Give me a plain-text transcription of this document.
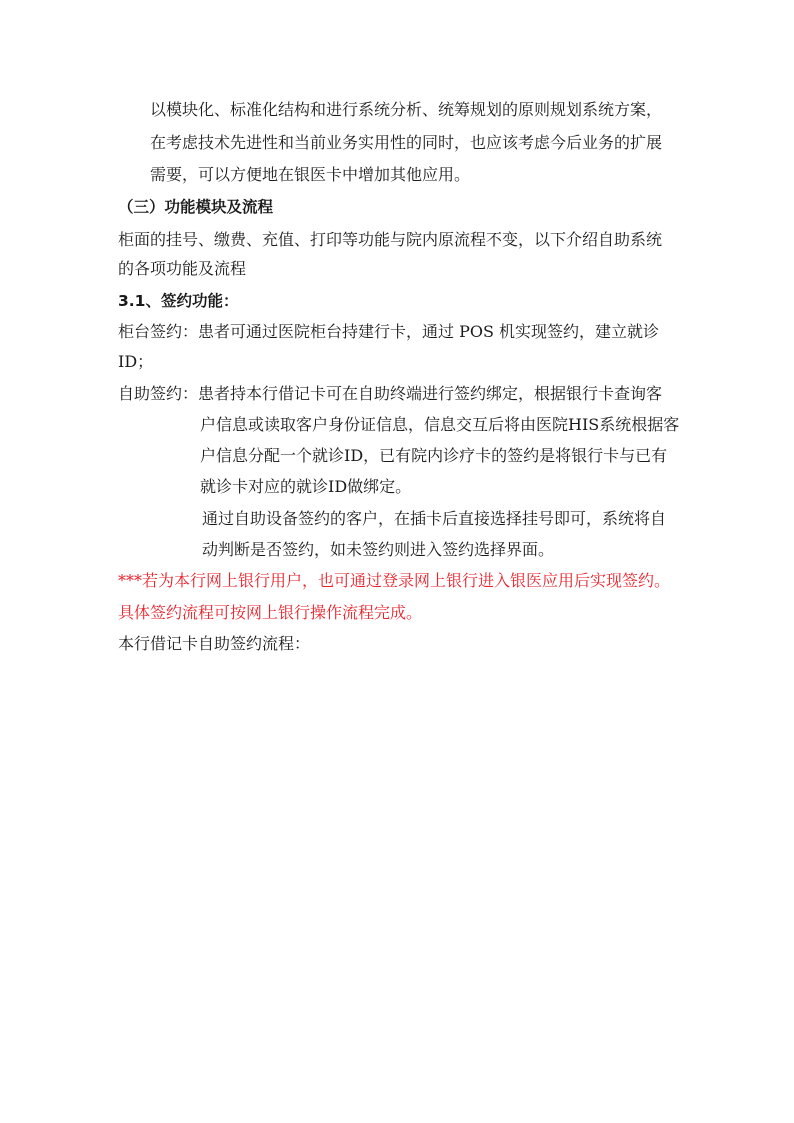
以模块化、标准化结构和进行系统分析、统筹规划的原则规划系统方案，
在考虑技术先进性和当前业务实用性的同时，也应该考虑今后业务的扩展
需要，可以方便地在银医卡中增加其他应用。
（三）功能模块及流程
柜面的挂号、缴费、充值、打印等功能与院内原流程不变，以下介绍自助系统
的各项功能及流程
3.1、签约功能：
柜台签约：患者可通过医院柜台持建行卡，通过 POS 机实现签约，建立就诊
ID；
自助签约：患者持本行借记卡可在自助终端进行签约绑定，根据银行卡查询客
户信息或读取客户身份证信息，信息交互后将由医院HIS系统根据客
户信息分配一个就诊ID，已有院内诊疗卡的签约是将银行卡与已有
就诊卡对应的就诊ID做绑定。
通过自助设备签约的客户，在插卡后直接选择挂号即可，系统将自
动判断是否签约，如未签约则进入签约选择界面。
***若为本行网上银行用户，也可通过登录网上银行进入银医应用后实现签约。
具体签约流程可按网上银行操作流程完成。
本行借记卡自助签约流程：
